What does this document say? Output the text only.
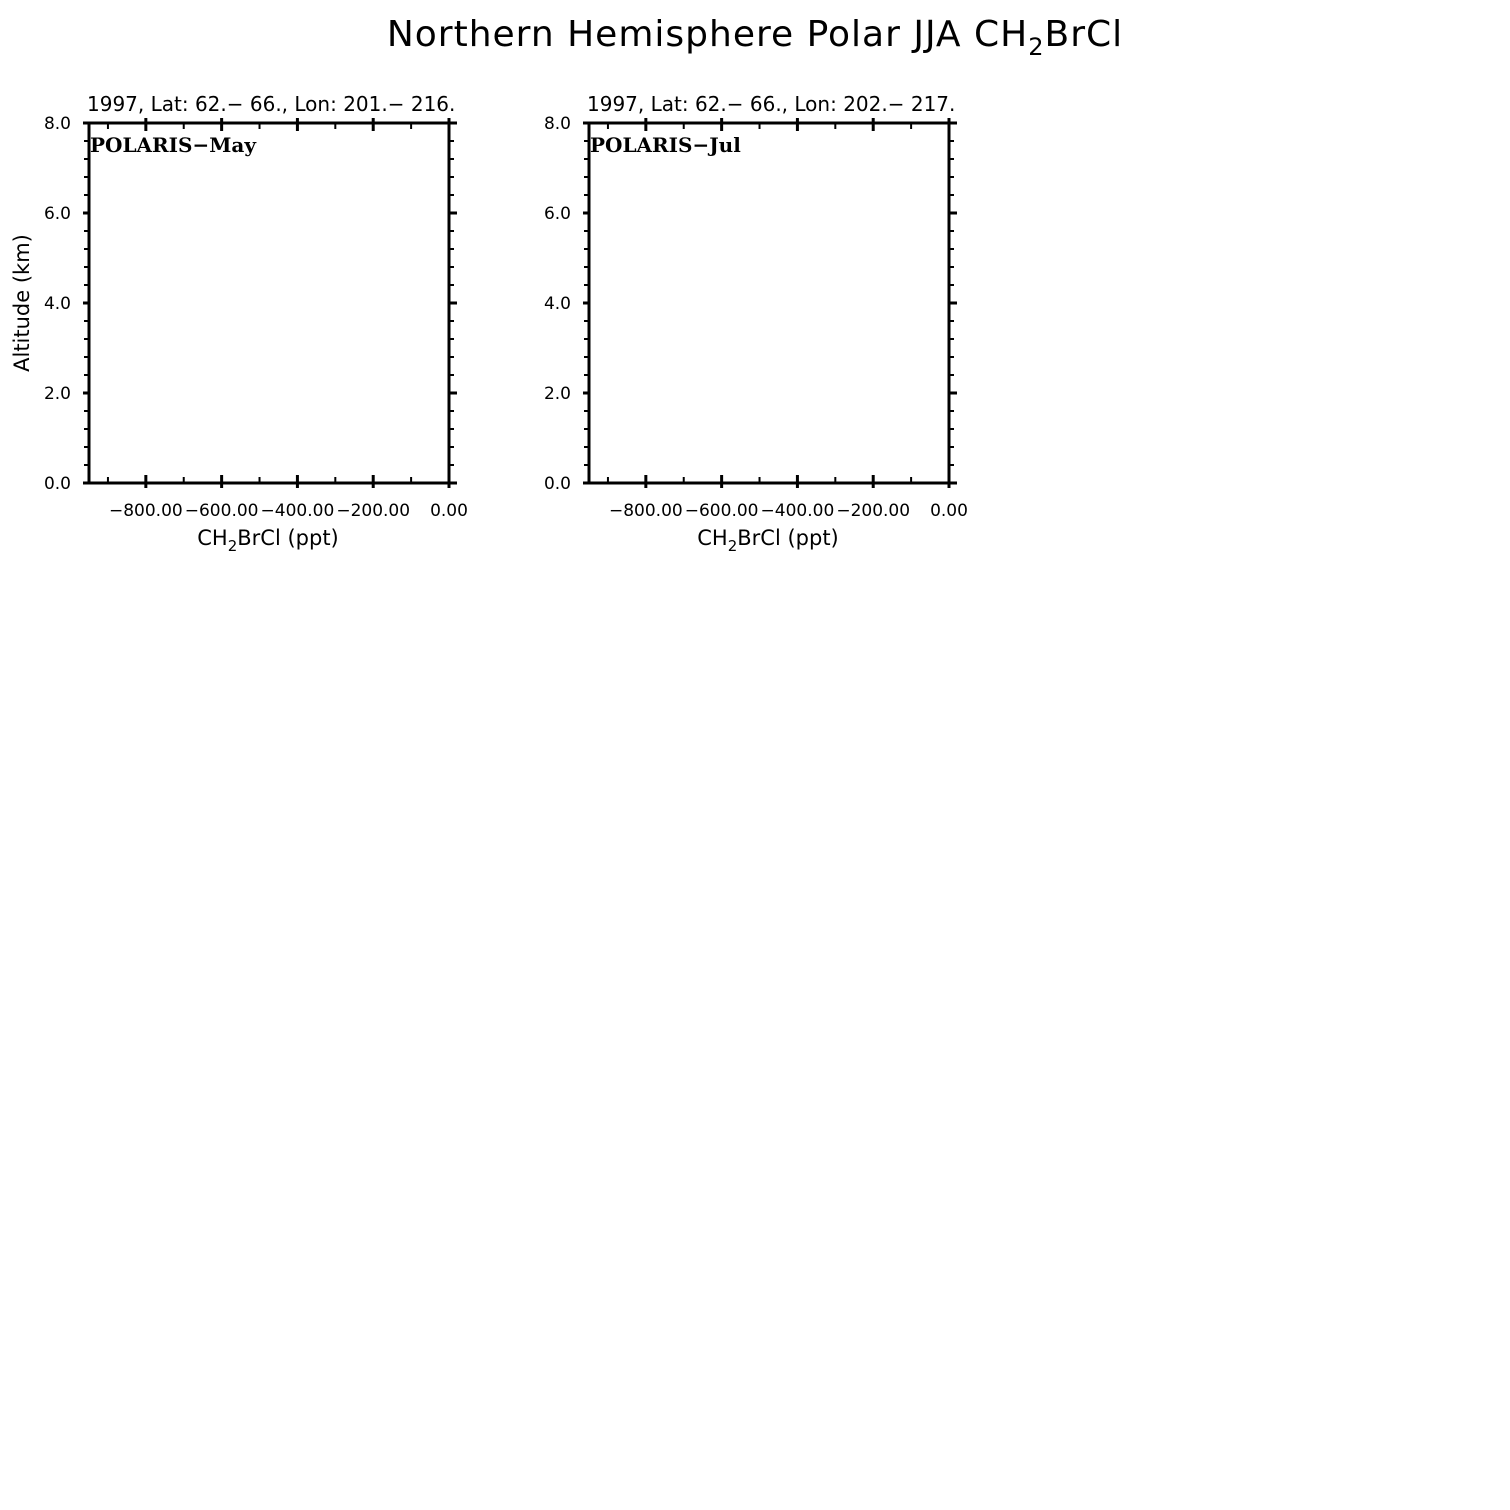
Northern Hemisphere Polar JJA $CH_2BrCl$
1997, Lat: 62.− 66., Lon: 201.− 216.
POLARIS−May
−800.00 −600.00 −400.00 −200.00 0.00
0.0
2.0
4.0
6.0
8.0
$CH_2BrCl$ (ppt)
Altitude (km)
1997, Lat: 62.− 66., Lon: 202.− 217.
POLARIS−Jul
−800.00 −600.00 −400.00 −200.00 0.00
0.0
2.0
4.0
6.0
8.0
$CH_2BrCl$ (ppt)
